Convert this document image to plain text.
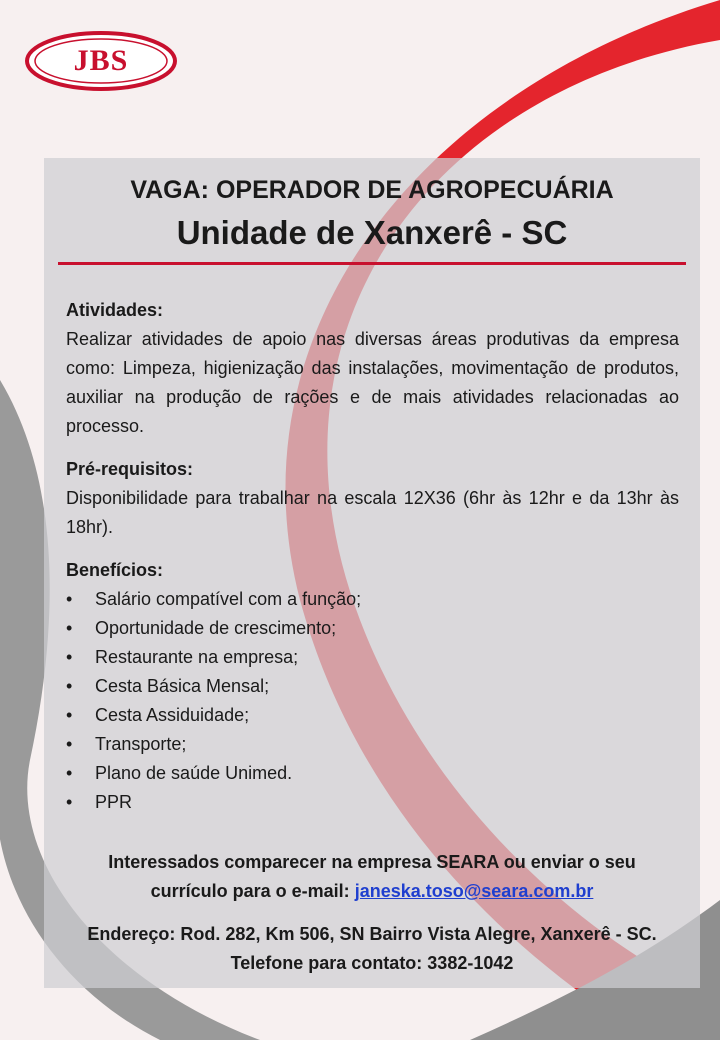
JBS
VAGA: OPERADOR DE AGROPECUÁRIA
Unidade de Xanxerê - SC

Atividades:

Realizar atividades de apoio nas diversas áreas produtivas da empresa como: Limpeza, higienização das instalações, movimentação de produtos, auxiliar na produção de rações e de mais atividades relacionadas ao processo.

Pré-requisitos:

Disponibilidade para trabalhar na escala 12X36 (6hr às 12hr e da 13hr às 18hr).

Benefícios:

• Salário compatível com a função;
• Oportunidade de crescimento;
• Restaurante na empresa;
• Cesta Básica Mensal;
• Cesta Assiduidade;
• Transporte;
• Plano de saúde Unimed.
• PPR

Interessados comparecer na empresa SEARA ou enviar o seu

currículo para o e-mail: janeska.toso@seara.com.br

Endereço: Rod. 282, Km 506, SN Bairro Vista Alegre, Xanxerê - SC.

Telefone para contato: 3382-1042
